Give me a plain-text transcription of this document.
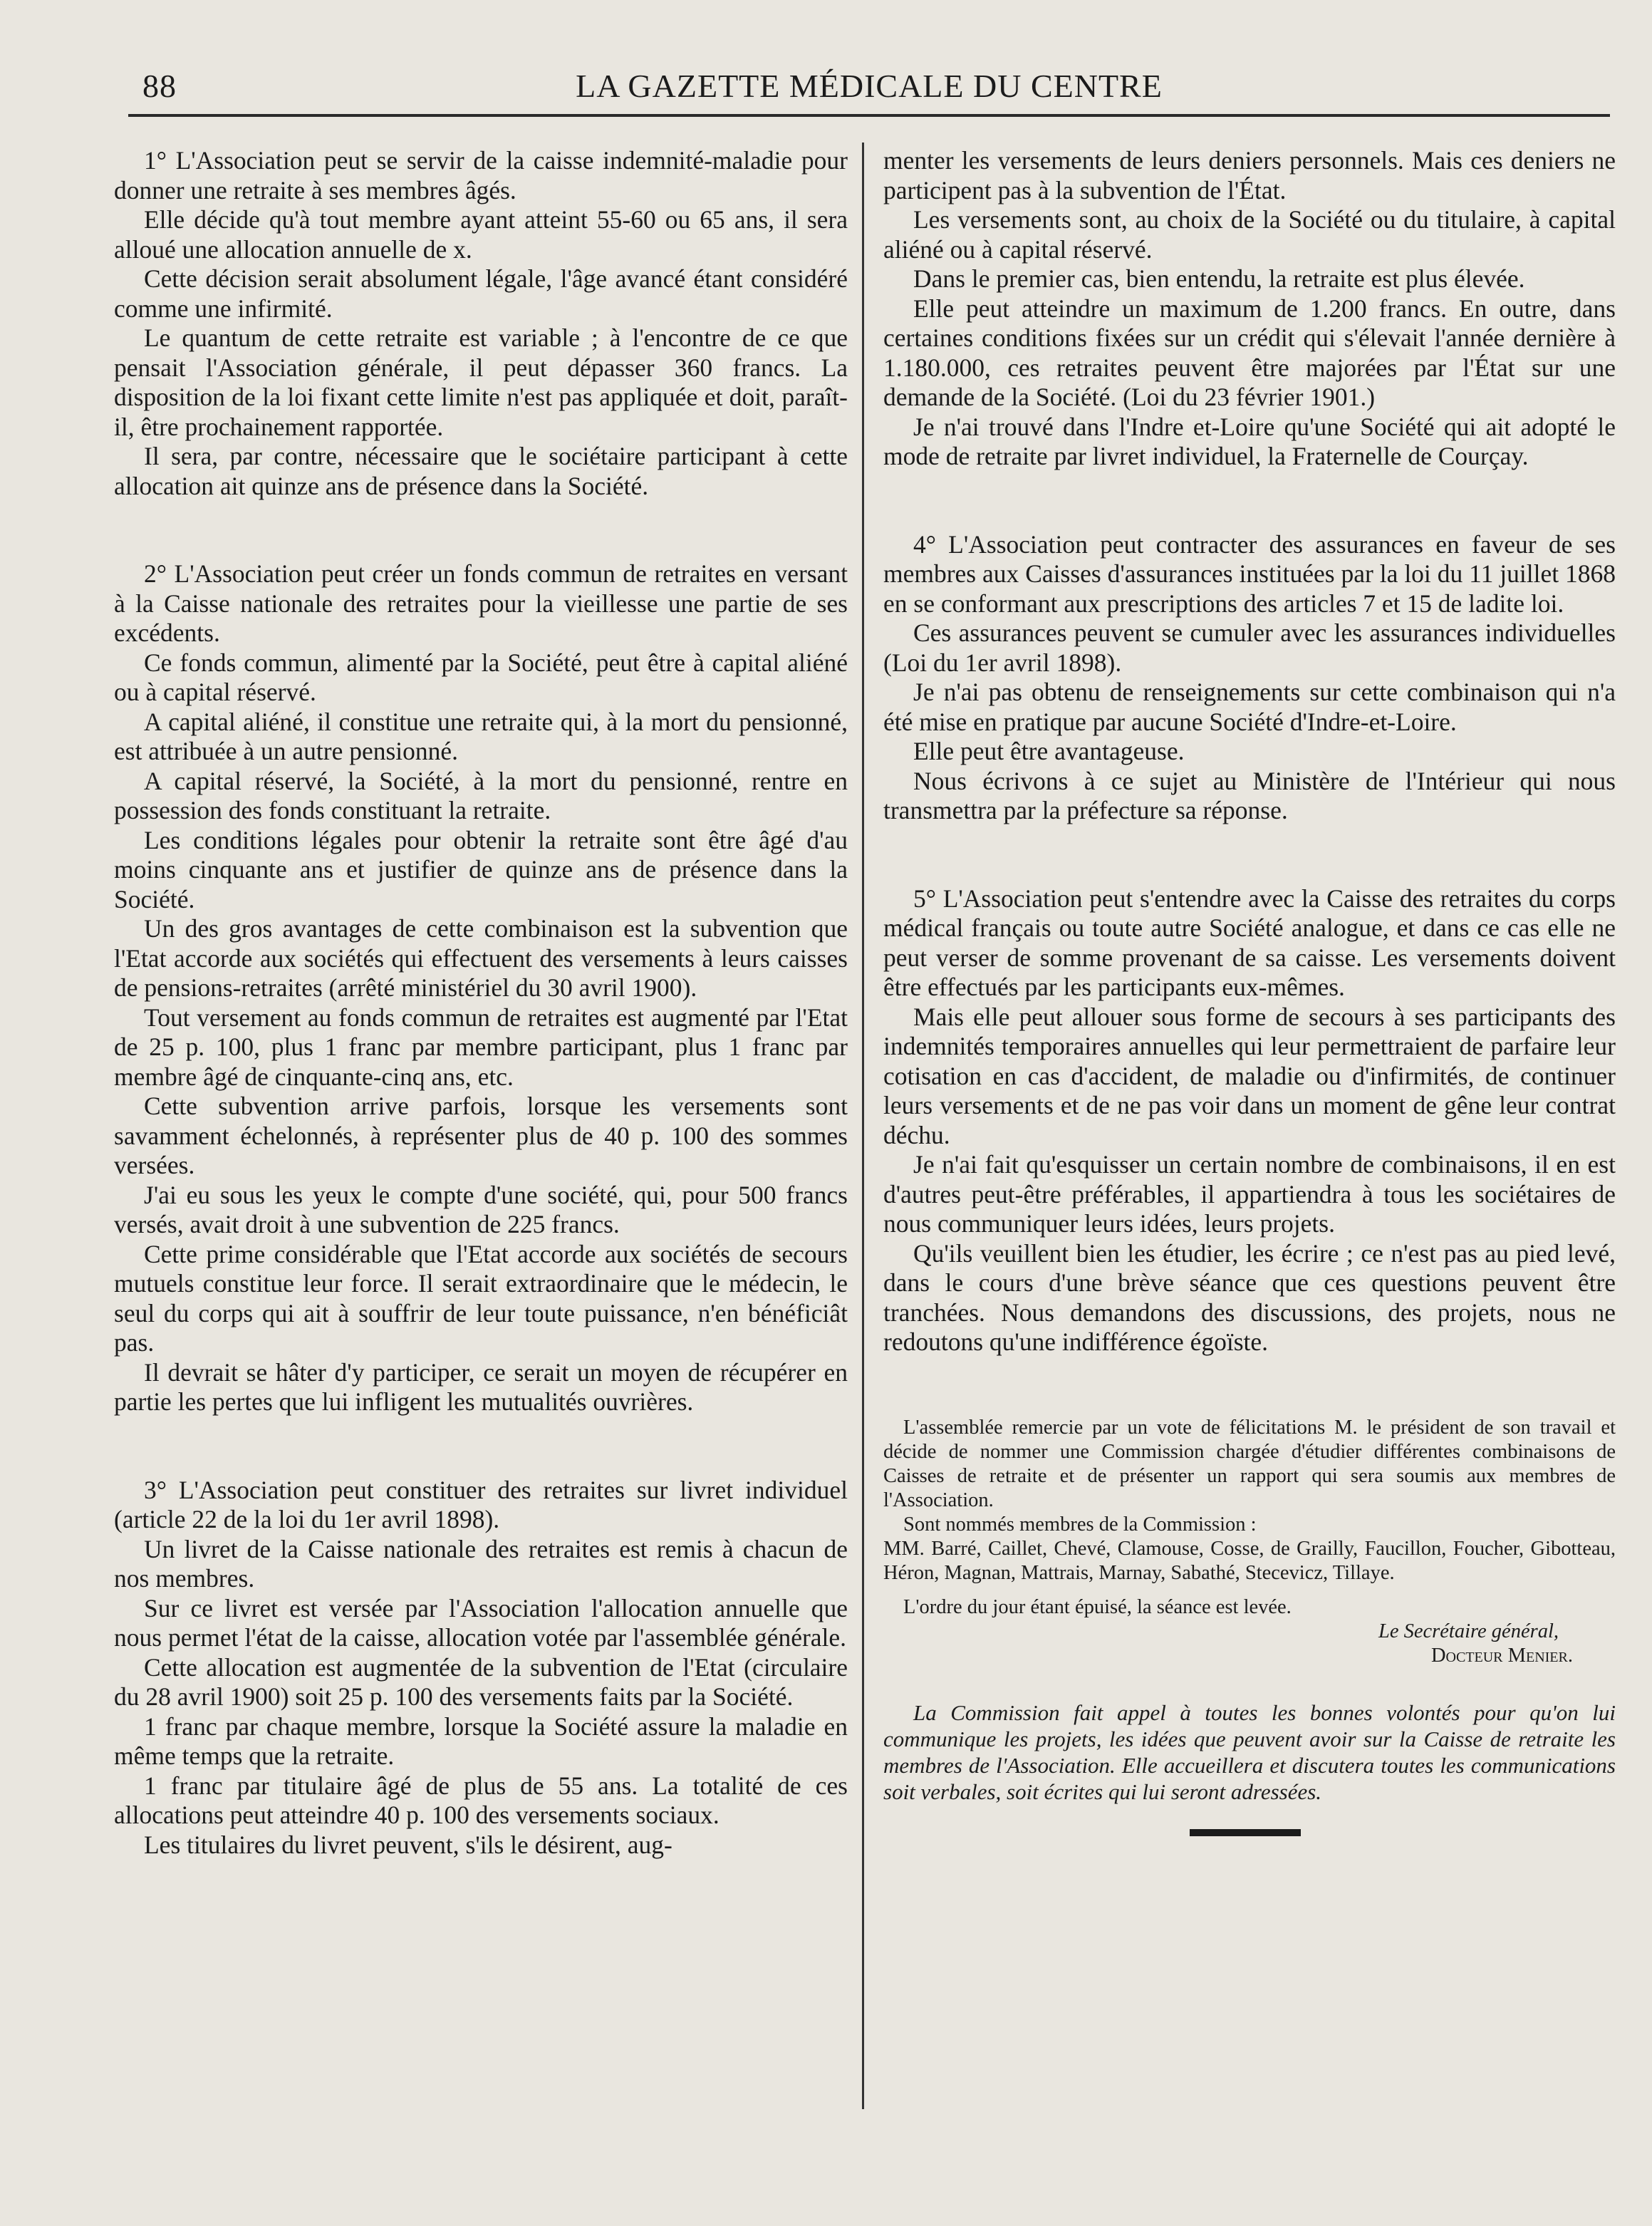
88	LA GAZETTE MÉDICALE DU CENTRE

1° L'Association peut se servir de la caisse indemnité-maladie pour donner une retraite à ses membres âgés.

Elle décide qu'à tout membre ayant atteint 55-60 ou 65 ans, il sera alloué une allocation annuelle de x.

Cette décision serait absolument légale, l'âge avancé étant considéré comme une infirmité.

Le quantum de cette retraite est variable ; à l'encontre de ce que pensait l'Association générale, il peut dépasser 360 francs. La disposition de la loi fixant cette limite n'est pas appliquée et doit, paraît-il, être prochainement rapportée.

Il sera, par contre, nécessaire que le sociétaire participant à cette allocation ait quinze ans de présence dans la Société.

2° L'Association peut créer un fonds commun de retraites en versant à la Caisse nationale des retraites pour la vieillesse une partie de ses excédents.

Ce fonds commun, alimenté par la Société, peut être à capital aliéné ou à capital réservé.

A capital aliéné, il constitue une retraite qui, à la mort du pensionné, est attribuée à un autre pensionné.

A capital réservé, la Société, à la mort du pensionné, rentre en possession des fonds constituant la retraite.

Les conditions légales pour obtenir la retraite sont être âgé d'au moins cinquante ans et justifier de quinze ans de présence dans la Société.

Un des gros avantages de cette combinaison est la subvention que l'Etat accorde aux sociétés qui effectuent des versements à leurs caisses de pensions-retraites (arrêté ministériel du 30 avril 1900).

Tout versement au fonds commun de retraites est augmenté par l'Etat de 25 p. 100, plus 1 franc par membre participant, plus 1 franc par membre âgé de cinquante-cinq ans, etc.

Cette subvention arrive parfois, lorsque les versements sont savamment échelonnés, à représenter plus de 40 p. 100 des sommes versées.

J'ai eu sous les yeux le compte d'une société, qui, pour 500 francs versés, avait droit à une subvention de 225 francs.

Cette prime considérable que l'Etat accorde aux sociétés de secours mutuels constitue leur force. Il serait extraordinaire que le médecin, le seul du corps qui ait à souffrir de leur toute puissance, n'en bénéficiât pas.

Il devrait se hâter d'y participer, ce serait un moyen de récupérer en partie les pertes que lui infligent les mutualités ouvrières.

3° L'Association peut constituer des retraites sur livret individuel (article 22 de la loi du 1er avril 1898).

Un livret de la Caisse nationale des retraites est remis à chacun de nos membres.

Sur ce livret est versée par l'Association l'allocation annuelle que nous permet l'état de la caisse, allocation votée par l'assemblée générale.

Cette allocation est augmentée de la subvention de l'Etat (circulaire du 28 avril 1900) soit 25 p. 100 des versements faits par la Société.

1 franc par chaque membre, lorsque la Société assure la maladie en même temps que la retraite.

1 franc par titulaire âgé de plus de 55 ans. La totalité de ces allocations peut atteindre 40 p. 100 des versements sociaux.

Les titulaires du livret peuvent, s'ils le désirent, aug-

menter les versements de leurs deniers personnels. Mais ces deniers ne participent pas à la subvention de l'État.

Les versements sont, au choix de la Société ou du titulaire, à capital aliéné ou à capital réservé.

Dans le premier cas, bien entendu, la retraite est plus élevée.

Elle peut atteindre un maximum de 1.200 francs. En outre, dans certaines conditions fixées sur un crédit qui s'élevait l'année dernière à 1.180.000, ces retraites peuvent être majorées par l'État sur une demande de la Société. (Loi du 23 février 1901.)

Je n'ai trouvé dans l'Indre et-Loire qu'une Société qui ait adopté le mode de retraite par livret individuel, la Fraternelle de Courçay.

4° L'Association peut contracter des assurances en faveur de ses membres aux Caisses d'assurances instituées par la loi du 11 juillet 1868 en se conformant aux prescriptions des articles 7 et 15 de ladite loi.

Ces assurances peuvent se cumuler avec les assurances individuelles (Loi du 1er avril 1898).

Je n'ai pas obtenu de renseignements sur cette combinaison qui n'a été mise en pratique par aucune Société d'Indre-et-Loire.

Elle peut être avantageuse.

Nous écrivons à ce sujet au Ministère de l'Intérieur qui nous transmettra par la préfecture sa réponse.

5° L'Association peut s'entendre avec la Caisse des retraites du corps médical français ou toute autre Société analogue, et dans ce cas elle ne peut verser de somme provenant de sa caisse. Les versements doivent être effectués par les participants eux-mêmes.

Mais elle peut allouer sous forme de secours à ses participants des indemnités temporaires annuelles qui leur permettraient de parfaire leur cotisation en cas d'accident, de maladie ou d'infirmités, de continuer leurs versements et de ne pas voir dans un moment de gêne leur contrat déchu.

Je n'ai fait qu'esquisser un certain nombre de combinaisons, il en est d'autres peut-être préférables, il appartiendra à tous les sociétaires de nous communiquer leurs idées, leurs projets.

Qu'ils veuillent bien les étudier, les écrire ; ce n'est pas au pied levé, dans le cours d'une brève séance que ces questions peuvent être tranchées. Nous demandons des discussions, des projets, nous ne redoutons qu'une indifférence égoïste.

L'assemblée remercie par un vote de félicitations M. le président de son travail et décide de nommer une Commission chargée d'étudier différentes combinaisons de Caisses de retraite et de présenter un rapport qui sera soumis aux membres de l'Association.

Sont nommés membres de la Commission :

MM. Barré, Caillet, Chevé, Clamouse, Cosse, de Grailly, Faucillon, Foucher, Gibotteau, Héron, Magnan, Mattrais, Marnay, Sabathé, Stecevicz, Tillaye.

L'ordre du jour étant épuisé, la séance est levée.

Le Secrétaire général,

Docteur Menier.

La Commission fait appel à toutes les bonnes volontés pour qu'on lui communique les projets, les idées que peuvent avoir sur la Caisse de retraite les membres de l'Association. Elle accueillera et discutera toutes les communications soit verbales, soit écrites qui lui seront adressées.
